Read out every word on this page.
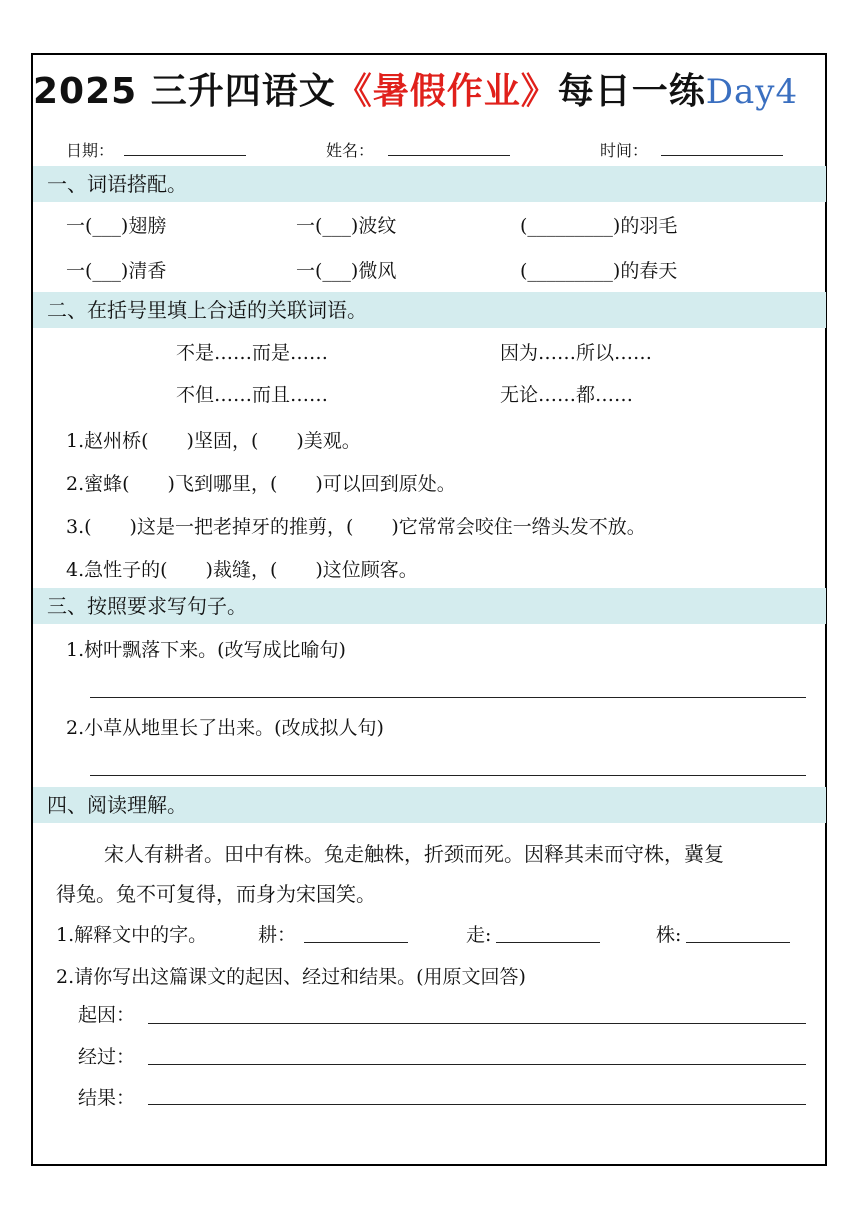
2025 三升四语文《暑假作业》每日一练Day4
日期：	姓名：	时间：
一、词语搭配。
一(___)翅膀	一(___)波纹	(_________)的羽毛
一(___)清香	一(___)微风	(_________)的春天
二、在括号里填上合适的关联词语。
不是……而是……	因为……所以……
不但……而且……	无论……都……
1.赵州桥(　　)坚固，(　　)美观。
2.蜜蜂(　　)飞到哪里，(　　)可以回到原处。
3.(　　)这是一把老掉牙的推剪，(　　)它常常会咬住一绺头发不放。
4.急性子的(　　)裁缝，(　　)这位顾客。
三、按照要求写句子。
1.树叶飘落下来。(改写成比喻句)
2.小草从地里长了出来。(改成拟人句)
四、阅读理解。
宋人有耕者。田中有株。兔走触株，折颈而死。因释其耒而守株，冀复
得兔。兔不可复得，而身为宋国笑。
1.解释文中的字。	耕：	走:	株:
2.请你写出这篇课文的起因、经过和结果。(用原文回答)
起因：
经过：
结果：
